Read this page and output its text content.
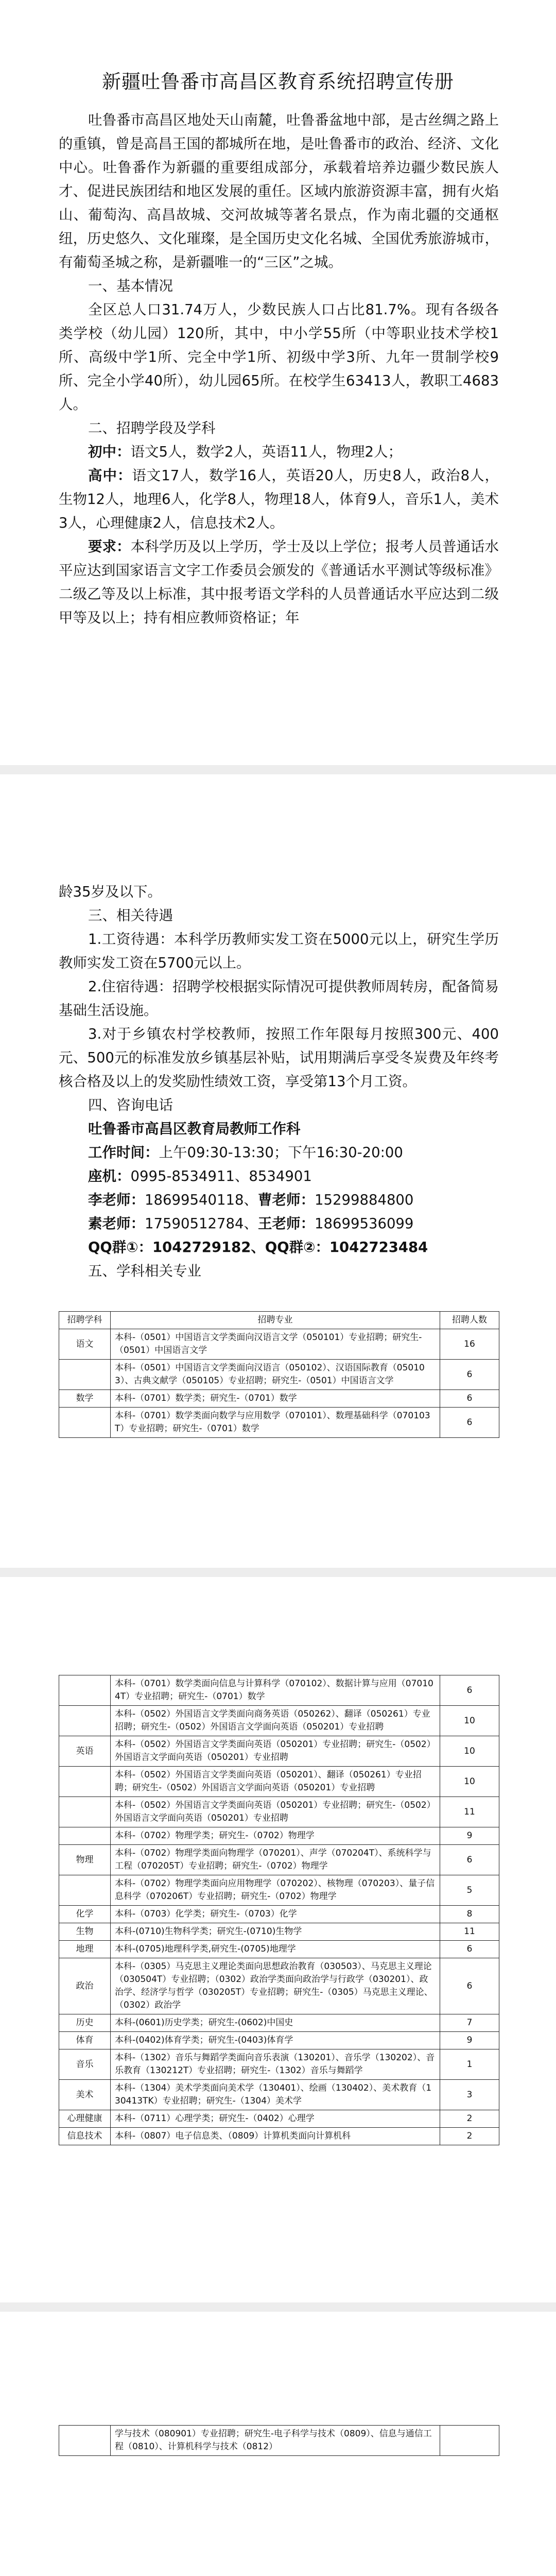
新疆吐鲁番市高昌区教育系统招聘宣传册

吐鲁番市高昌区地处天山南麓，吐鲁番盆地中部，是古丝绸之路上的重镇，曾是高昌王国的都城所在地，是吐鲁番市的政治、经济、文化中心。吐鲁番作为新疆的重要组成部分，承载着培养边疆少数民族人才、促进民族团结和地区发展的重任。区域内旅游资源丰富，拥有火焰山、葡萄沟、高昌故城、交河故城等著名景点，作为南北疆的交通枢纽，历史悠久、文化璀璨，是全国历史文化名城、全国优秀旅游城市，有葡萄圣城之称，是新疆唯一的“三区”之城。

一、基本情况

全区总人口31.74万人，少数民族人口占比81.7%。现有各级各类学校（幼儿园）120所，其中，中小学55所（中等职业技术学校1所、高级中学1所、完全中学1所、初级中学3所、九年一贯制学校9所、完全小学40所），幼儿园65所。在校学生63413人，教职工4683人。

二、招聘学段及学科

初中：语文5人，数学2人，英语11人，物理2人；

高中：语文17人，数学16人，英语20人，历史8人，政治8人，生物12人，地理6人，化学8人，物理18人，体育9人，音乐1人，美术3人，心理健康2人，信息技术2人。

要求：本科学历及以上学历，学士及以上学位；报考人员普通话水平应达到国家语言文字工作委员会颁发的《普通话水平测试等级标准》二级乙等及以上标准，其中报考语文学科的人员普通话水平应达到二级甲等及以上；持有相应教师资格证；年

龄35岁及以下。

三、相关待遇

1.工资待遇：本科学历教师实发工资在5000元以上，研究生学历教师实发工资在5700元以上。

2.住宿待遇：招聘学校根据实际情况可提供教师周转房，配备简易基础生活设施。

3.对于乡镇农村学校教师，按照工作年限每月按照300元、400元、500元的标准发放乡镇基层补贴，试用期满后享受冬炭费及年终考核合格及以上的发奖励性绩效工资，享受第13个月工资。

四、咨询电话

吐鲁番市高昌区教育局教师工作科
工作时间：上午09:30-13:30；下午16:30-20:00
座机：0995-8534911、8534901
李老师：18699540118、曹老师：15299884800
素老师：17590512784、王老师：18699536099
QQ群①：1042729182、QQ群②：1042723484

五、学科相关专业

招聘学科	招聘专业	招聘人数
语文	本科-（0501）中国语言文学类面向汉语言文学（050101）专业招聘；研究生-（0501）中国语言文学	16
	本科-（0501）中国语言文学类面向汉语言（050102）、汉语国际教育（050103）、古典文献学（050105）专业招聘；研究生-（0501）中国语言文学	6
数学	本科-（0701）数学类；研究生-（0701）数学	6
	本科-（0701）数学类面向数学与应用数学（070101）、数理基础科学（070103T）专业招聘；研究生-（0701）数学	6
	本科-（0701）数学类面向信息与计算科学（070102）、数据计算与应用（070104T）专业招聘；研究生-（0701）数学	6
	本科-（0502）外国语言文学类面向商务英语（050262）、翻译（050261）专业招聘；研究生-（0502）外国语言文学面向英语（050201）专业招聘	10
英语	本科-（0502）外国语言文学类面向英语（050201）专业招聘；研究生-（0502）外国语言文学面向英语（050201）专业招聘	10
	本科-（0502）外国语言文学类面向英语（050201）、翻译（050261）专业招聘；研究生-（0502）外国语言文学面向英语（050201）专业招聘	10
	本科-（0502）外国语言文学类面向英语（050201）专业招聘；研究生-（0502）外国语言文学面向英语（050201）专业招聘	11
	本科-（0702）物理学类；研究生-（0702）物理学	9
物理	本科-（0702）物理学类面向物理学（070201）、声学（070204T）、系统科学与工程（070205T）专业招聘；研究生-（0702）物理学	6
	本科-（0702）物理学类面向应用物理学（070202）、核物理（070203）、量子信息科学（070206T）专业招聘；研究生-（0702）物理学	5
化学	本科-（0703）化学类；研究生-（0703）化学	8
生物	本科-(0710)生物科学类；研究生-(0710)生物学	11
地理	本科-(0705)地理科学类,研究生-(0705)地理学	6
政治	本科-（0305）马克思主义理论类面向思想政治教育（030503）、马克思主义理论（030504T）专业招聘；（0302）政治学类面向政治学与行政学（030201）、政治学、经济学与哲学（030205T）专业招聘；研究生-（0305）马克思主义理论、（0302）政治学	6
历史	本科-(0601)历史学类；研究生-(0602)中国史	7
体育	本科-(0402)体育学类；研究生-(0403)体育学	9
音乐	本科-（1302）音乐与舞蹈学类面向音乐表演（130201）、音乐学（130202）、音乐教育（130212T）专业招聘；研究生-（1302）音乐与舞蹈学	1
美术	本科-（1304）美术学类面向美术学（130401）、绘画（130402）、美术教育（130413TK）专业招聘；研究生-（1304）美术学	3
心理健康	本科-（0711）心理学类；研究生-（0402）心理学	2
信息技术	本科-（0807）电子信息类、（0809）计算机类面向计算机科	2
	学与技术（080901）专业招聘；研究生-电子科学与技术（0809）、信息与通信工程（0810）、计算机科学与技术（0812）	
